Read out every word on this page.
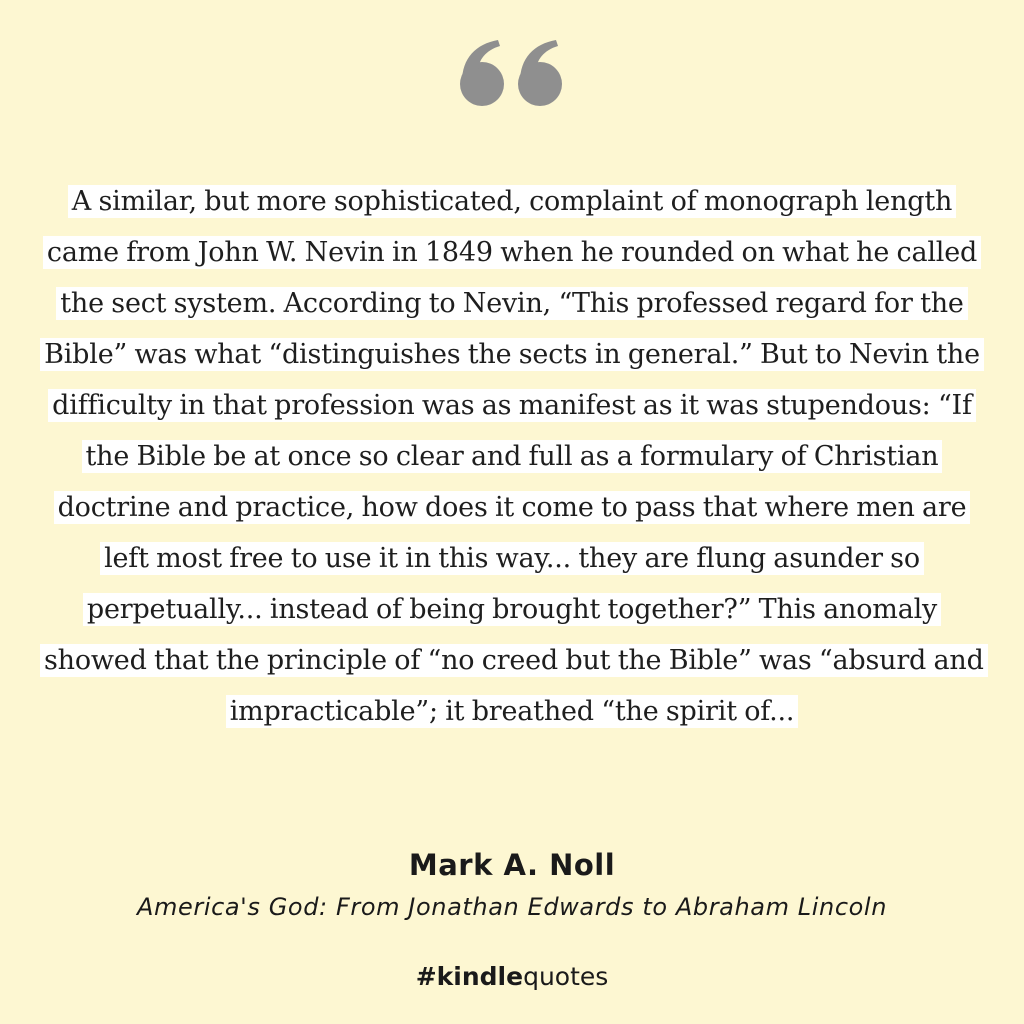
A similar, but more sophisticated, complaint of monograph length came from John W. Nevin in 1849 when he rounded on what he called the sect system. According to Nevin, “This professed regard for the Bible” was what “distinguishes the sects in general.” But to Nevin the difficulty in that profession was as manifest as it was stupendous: “If the Bible be at once so clear and full as a formulary of Christian doctrine and practice, how does it come to pass that where men are left most free to use it in this way... they are flung asunder so perpetually... instead of being brought together?” This anomaly showed that the principle of “no creed but the Bible” was “absurd and impracticable”; it breathed “the spirit of...
Mark A. Noll
America's God: From Jonathan Edwards to Abraham Lincoln
#kindlequotes
